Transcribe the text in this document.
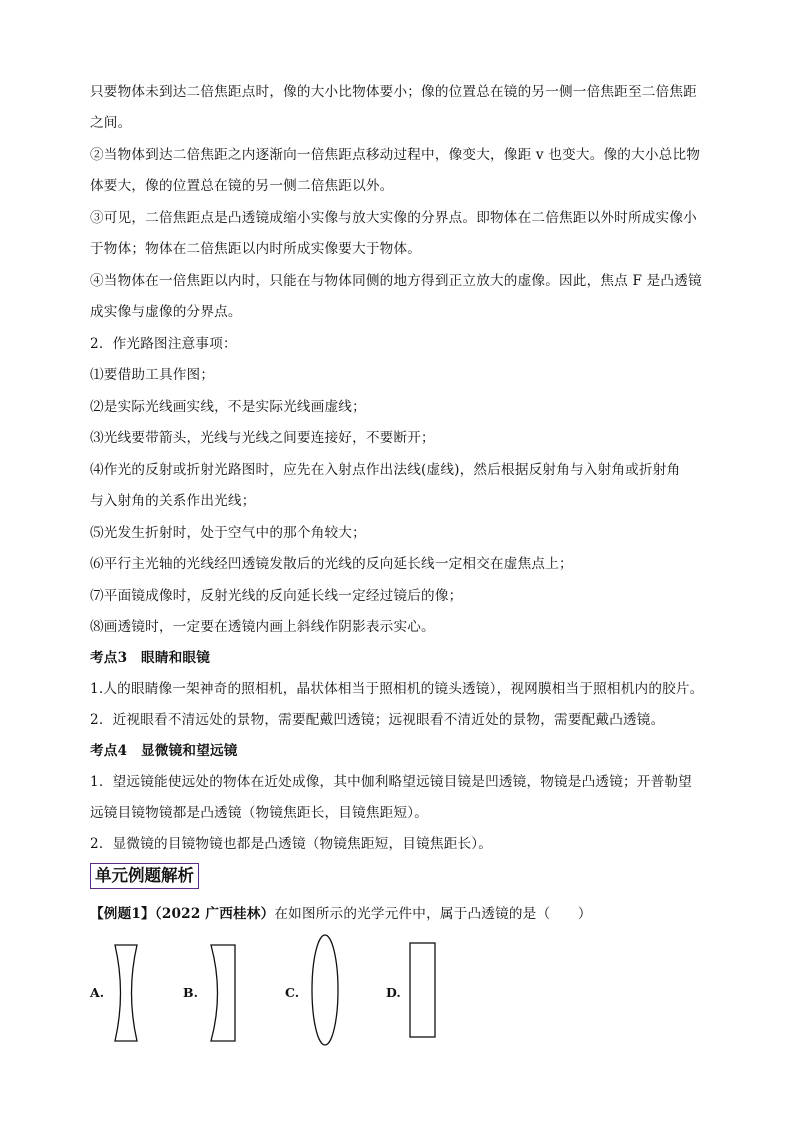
只要物体未到达二倍焦距点时，像的大小比物体要小；像的位置总在镜的另一侧一倍焦距至二倍焦距
之间。
②当物体到达二倍焦距之内逐渐向一倍焦距点移动过程中，像变大，像距 v 也变大。像的大小总比物
体要大，像的位置总在镜的另一侧二倍焦距以外。
③可见，二倍焦距点是凸透镜成缩小实像与放大实像的分界点。即物体在二倍焦距以外时所成实像小
于物体；物体在二倍焦距以内时所成实像要大于物体。
④当物体在一倍焦距以内时，只能在与物体同侧的地方得到正立放大的虚像。因此，焦点 F 是凸透镜
成实像与虚像的分界点。
2．作光路图注意事项：
⑴要借助工具作图；
⑵是实际光线画实线，不是实际光线画虚线；
⑶光线要带箭头，光线与光线之间要连接好，不要断开；
⑷作光的反射或折射光路图时，应先在入射点作出法线(虚线)，然后根据反射角与入射角或折射角
与入射角的关系作出光线；
⑸光发生折射时，处于空气中的那个角较大；
⑹平行主光轴的光线经凹透镜发散后的光线的反向延长线一定相交在虚焦点上；
⑺平面镜成像时，反射光线的反向延长线一定经过镜后的像；
⑻画透镜时，一定要在透镜内画上斜线作阴影表示实心。
考点3　眼睛和眼镜
1.人的眼睛像一架神奇的照相机，晶状体相当于照相机的镜头透镜），视网膜相当于照相机内的胶片。
2．近视眼看不清远处的景物，需要配戴凹透镜；远视眼看不清近处的景物，需要配戴凸透镜。
考点4　显微镜和望远镜
1．望远镜能使远处的物体在近处成像，其中伽利略望远镜目镜是凹透镜，物镜是凸透镜；开普勒望
远镜目镜物镜都是凸透镜（物镜焦距长，目镜焦距短）。
2．显微镜的目镜物镜也都是凸透镜（物镜焦距短，目镜焦距长）。
单元例题解析
【例题1】（2022 广西桂林）在如图所示的光学元件中，属于凸透镜的是（　　）
A.	B.	C.	D.
